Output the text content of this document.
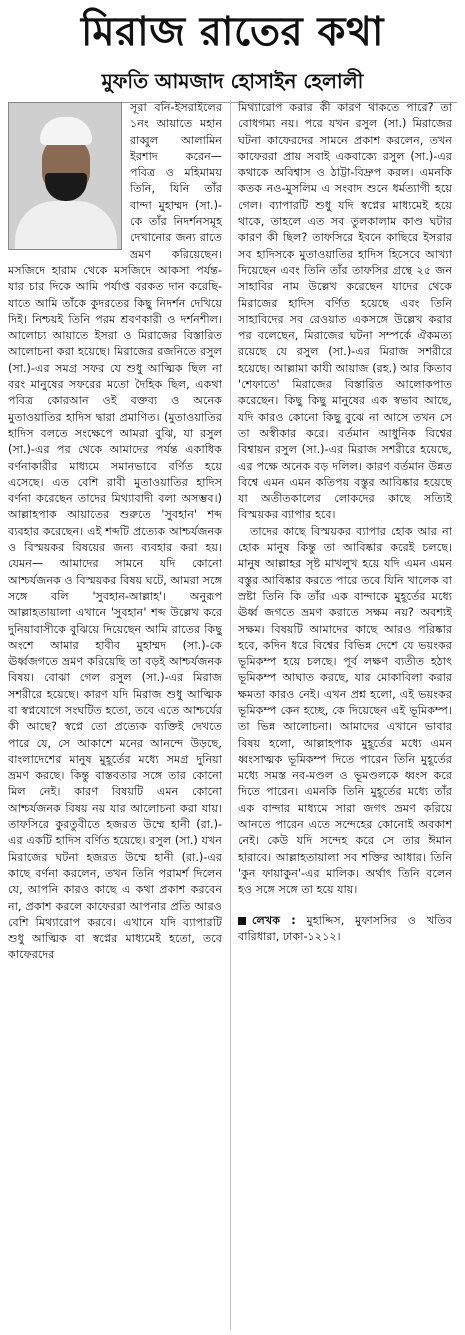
মিরাজ রাতের কথা
মুফতি আমজাদ হোসাইন হেলালী

সূরা বনি-ইসরাইলের ১নং আয়াতে মহান রাব্বুল আলামিন ইরশাদ করেন— পবিত্র ও মহিমাময় তিনি, যিনি তাঁর বান্দা মুহাম্মদ (সা.)-কে তাঁর নিদর্শনসমূহ দেখানোর জন্য রাতে ভ্রমণ করিয়েছেন। মসজিদে হারাম থেকে মসজিদে আকসা পর্যন্ত- যার চার দিকে আমি পর্যাপ্ত বরকত দান করেছি-যাতে আমি তাঁকে কুদরতের কিছু নিদর্শন দেখিয়ে দিই। নিশ্চয়ই তিনি পরম শ্রবণকারী ও দর্শনশীল। আলোচ্য আয়াতে ইসরা ও মিরাজের বিস্তারিত আলোচনা করা হয়েছে। মিরাজের রজনিতে রসুল (সা.)-এর সমগ্র সফর যে শুধু আত্মিক ছিল না বরং মানুষের সফরের মতো দৈহিক ছিল, একথা পবিত্র কোরআন ওই বক্তব্য ও অনেক মুতাওয়াতির হাদিস দ্বারা প্রমাণিত। (মুতাওয়াতির হাদিস বলতে সংক্ষেপে আমরা বুঝি, যা রসুল (সা.)-এর পর থেকে আমাদের পর্যন্ত একাধিক বর্ণনাকারীর মাধ্যমে সমানভাবে বর্ণিত হয়ে এসেছে। এত বেশি রাবী মুতাওয়াতির হাদিস বর্ণনা করেছেন তাদের মিথ্যাবাদী বলা অসম্ভব।) আল্লাহপাক আয়াতের শুরুতে 'সুবহান' শব্দ ব্যবহার করেছেন। এই শব্দটি প্রত্যেক আশ্চর্যজনক ও বিস্ময়কর বিষয়ের জন্য ব্যবহার করা হয়। যেমন— আমাদের সামনে যদি কোনো আশ্চর্যজনক ও বিস্ময়কর বিষয় ঘটে, আমরা সঙ্গে সঙ্গে বলি 'সুবহান-আল্লাহ'। অনুরূপ আল্লাহতায়ালা এখানে 'সুবহান' শব্দ উল্লেখ করে দুনিয়াবাসীকে বুঝিয়ে দিয়েছেন আমি রাতের কিছু অংশে আমার হাবীব মুহাম্মদ (সা.)-কে ঊর্ধ্বজগতে ভ্রমণ করিয়েছি তা বড়ই আশ্চর্যজনক বিষয়। বোঝা গেল রসুল (সা.)-এর মিরাজ সশরীরে হয়েছে। কারণ যদি মিরাজ শুধু আত্মিক বা স্বপ্নযোগে সংঘটিত হতো, তবে এতে আশ্চর্যের কী আছে? স্বপ্নে তো প্রত্যেক ব্যক্তিই দেখতে পারে যে, সে আকাশে মনের আনন্দে উড়ছে, বাংলাদেশের মানুষ মুহূর্তের মধ্যে সমগ্র দুনিয়া ভ্রমণ করছে। কিন্তু বাস্তবতার সঙ্গে তার কোনো মিল নেই। কারণ বিষয়টি এমন কোনো আশ্চর্যজনক বিষয় নয় যার আলোচনা করা যায়। তাফসিরে কুরতুবীতে হজরত উম্মে হানী (রা.)-এর একটি হাদিস বর্ণিত হয়েছে। রসুল (সা.) যখন মিরাজের ঘটনা হজরত উম্মে হানী (রা.)-এর কাছে বর্ণনা করলেন, তখন তিনি পরামর্শ দিলেন যে, আপনি কারও কাছে এ কথা প্রকাশ করবেন না, প্রকাশ করলে কাফেররা আপনার প্রতি আরও বেশি মিথ্যারোপ করবে। এখানে যদি ব্যাপারটি শুধু আত্মিক বা স্বপ্নের মাধ্যমেই হতো, তবে কাফেরদের

মিথ্যারোপ করার কী কারণ থাকতে পারে? তা বোধগম্য নয়। পরে যখন রসুল (সা.) মিরাজের ঘটনা কাফেরদের সামনে প্রকাশ করলেন, তখন কাফেররা প্রায় সবাই একবাক্যে রসুল (সা.)-এর কথাকে অবিশ্বাস ও ঠাট্টা-বিদ্রুপ করল। এমনকি কতক নও-মুসলিম এ সংবাদ শুনে ধর্মত্যাগী হয়ে গেল। ব্যাপারটি শুধু যদি স্বপ্নের মাধ্যমেই হয়ে থাকে, তাহলে এত সব তুলকালাম কাণ্ড ঘটার কারণ কী ছিল? তাফসিরে ইবনে কাছিরে ইসরার সব হাদিসকে মুতাওয়াতির হাদিস হিসেবে আখ্যা দিয়েছেন এবং তিনি তাঁর তাফসির গ্রন্থে ২৫ জন সাহাবির নাম উল্লেখ করেছেন যাদের থেকে মিরাজের হাদিস বর্ণিত হয়েছে এবং তিনি সাহাবিদের সব রেওয়াত একসঙ্গে উল্লেখ করার পর বলেছেন, মিরাজের ঘটনা সম্পর্কে ঐকমত্য রয়েছে যে রসুল (সা.)-এর মিরাজ সশরীরে হয়েছে। আল্লামা কাযী আয়াজ (রহ.) আর কিতাব 'শেফাতে' মিরাজের বিস্তারিত আলোকপাত করেছেন। কিছু কিছু মানুষের এক স্বভাব আছে, যদি কারও কোনো কিছু বুঝে না আসে তখন সে তা অস্বীকার করে। বর্তমান আধুনিক বিশ্বের বিশ্বায়ন রসুল (সা.)-এর মিরাজ সশরীরে হয়েছে, এর পক্ষে অনেক বড় দলিল। কারণ বর্তমান উন্নত বিশ্বে এমন এমন কতিপয় বস্তুর আবিষ্কার হয়েছে যা অতীতকালের লোকদের কাছে সত্যিই বিস্ময়কর ব্যাপার হবে।

তাদের কাছে বিস্ময়কর ব্যাপার হোক আর না হোক মানুষ কিন্তু তা আবিষ্কার করেই চলছে। মানুষ আল্লাহর সৃষ্ট মাখলুখ হয়ে যদি এমন এমন বস্তুর আবিষ্কার করতে পারে তবে যিনি খালেক বা স্রষ্টা তিনি কি তাঁর এক বান্দাকে মুহূর্তের মধ্যে ঊর্ধ্ব জগতে ভ্রমণ করাতে সক্ষম নয়? অবশ্যই সক্ষম। বিষয়টি আমাদের কাছে আরও পরিষ্কার হবে, কদিন ধরে বিশ্বের বিভিন্ন দেশে যে ভয়ংকর ভূমিকম্প হয়ে চলছে। পূর্ব লক্ষণ ব্যতীত হঠাৎ ভূমিকম্প আঘাত করছে, যার মোকাবিলা করার ক্ষমতা কারও নেই। এখন প্রশ্ন হলো, এই ভয়ংকর ভূমিকম্প কেন হচ্ছে, কে দিয়েছেন এই ভূমিকম্প। তা ভিন্ন আলোচনা। আমাদের এখানে ভাবার বিষয় হলো, আল্লাহপাক মুহূর্তের মধ্যে এমন ধ্বংসাত্মক ভূমিকম্প দিতে পারেন তিনি মুহূর্তের মধ্যে সমস্ত নব-মণ্ডল ও ভূমণ্ডলকে ধ্বংস করে দিতে পারেন। এমনকি তিনি মুহূর্তের মধ্যে তাঁর এক বান্দার মাধ্যমে সারা জগৎ ভ্রমণ করিয়ে আনতে পারেন এতে সন্দেহের কোনোই অবকাশ নেই। কেউ যদি সন্দেহ করে সে তার ঈমান হারাবে। আল্লাহতায়ালা সব শক্তির আধার। তিনি 'কুন ফায়াকুন'-এর মালিক। অর্থাৎ তিনি বলেন হও সঙ্গে সঙ্গে তা হয়ে যায়।

লেখক : মুহাদ্দিস, মুফাসসির ও খতিব বারিধারা, ঢাকা-১২১২।
